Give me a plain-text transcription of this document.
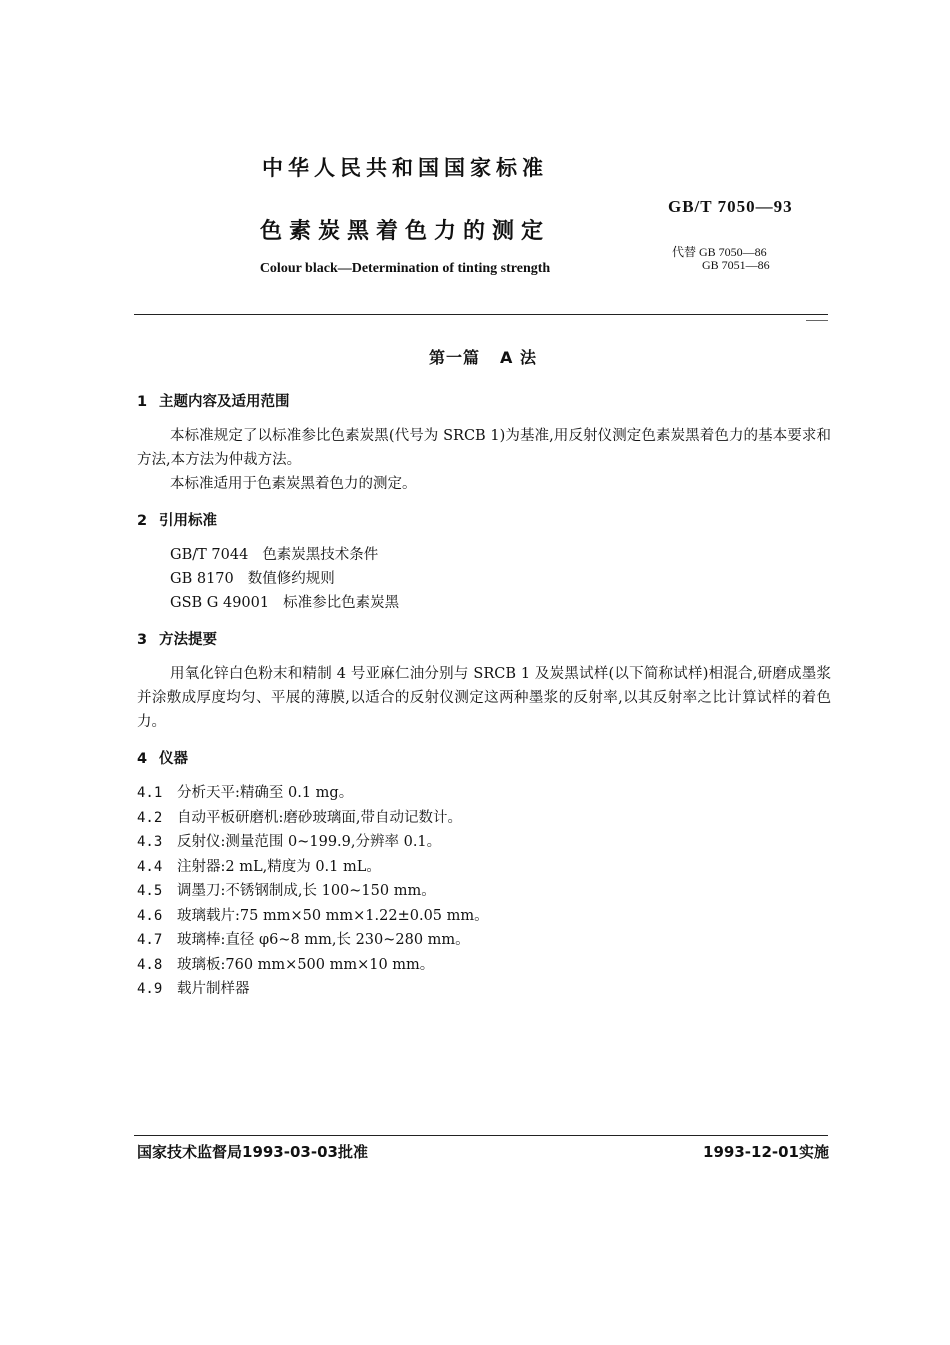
中华人民共和国国家标准
GB/T 7050—93
色素炭黑着色力的测定
代替 GB 7050—86
GB 7051—86
Colour black—Determination of tinting strength
第一篇 A 法
1 主题内容及适用范围

本标准规定了以标准参比色素炭黑(代号为 SRCB 1)为基准,用反射仪测定色素炭黑着色力的基本要求和方法,本方法为仲裁方法。

本标准适用于色素炭黑着色力的测定。

2 引用标准

GB/T 7044 色素炭黑技术条件

GB 8170 数值修约规则

GSB G 49001 标准参比色素炭黑

3 方法提要

用氧化锌白色粉末和精制 4 号亚麻仁油分别与 SRCB 1 及炭黑试样(以下简称试样)相混合,研磨成墨浆并涂敷成厚度均匀、平展的薄膜,以适合的反射仪测定这两种墨浆的反射率,以其反射率之比计算试样的着色力。

4 仪器

4.1 分析天平:精确至 0.1 mg。

4.2 自动平板研磨机:磨砂玻璃面,带自动记数计。

4.3 反射仪:测量范围 0~199.9,分辨率 0.1。

4.4 注射器:2 mL,精度为 0.1 mL。

4.5 调墨刀:不锈钢制成,长 100~150 mm。

4.6 玻璃载片:75 mm×50 mm×1.22±0.05 mm。

4.7 玻璃棒:直径 φ6~8 mm,长 230~280 mm。

4.8 玻璃板:760 mm×500 mm×10 mm。

4.9 载片制样器

国家技术监督局1993-03-03批准	1993-12-01实施
